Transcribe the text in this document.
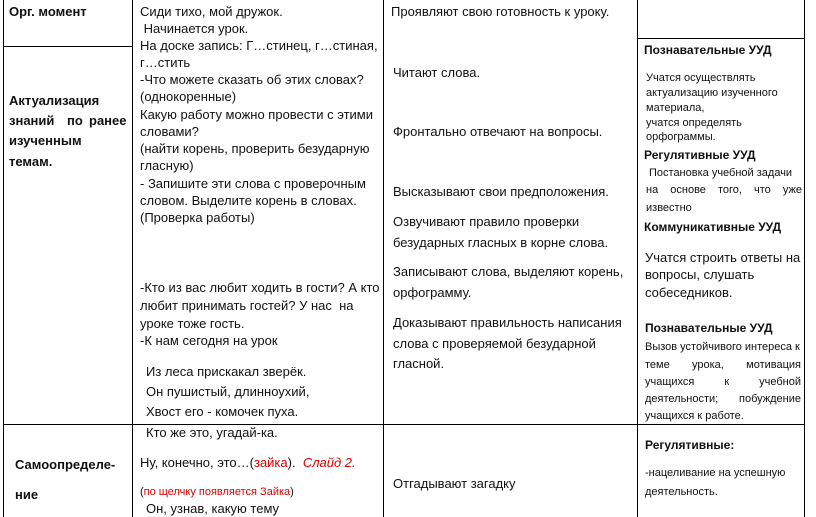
Орг. момент
Актуализация
знаний по ранее
изученным
темам.
Самоопределе-
ние
Сиди тихо, мой дружок.
Начинается урок.
На доске запись: Г…стинец, г…стиная,
г…стить
-Что можете сказать об этих словах?
(однокоренные)
Какую работу можно провести с этими
словами?
(найти корень, проверить безударную
гласную)
- Запишите эти слова с проверочным
словом. Выделите корень в словах.
(Проверка работы)
-Кто из вас любит ходить в гости? А кто
любит принимать гостей? У нас  на
уроке тоже гость.
-К нам сегодня на урок
Из леса прискакал зверёк.
Он пушистый, длинноухий,
Хвост его - комочек пуха.
Кто же это, угадай-ка.
Ну, конечно, это…(зайка). Слайд 2.
(по щелчку появляется Зайка)
Он, узнав, какую тему
Проявляют свою готовность к уроку.
Читают слова.
Фронтально отвечают на вопросы.
Высказывают свои предположения.
Озвучивают правило проверки
безударных гласных в корне слова.
Записывают слова, выделяют корень,
орфограмму.
Доказывают правильность написания
слова с проверяемой безударной
гласной.
Отгадывают загадку
Познавательные УУД
Учатся осуществлять
актуализацию изученного
материала,
учатся определять
орфограммы.
Регулятивные УУД
Постановка учебной задачи
на основе того, что уже
известно
Коммуникативные УУД
Учатся строить ответы на
вопросы, слушать
собеседников.
Познавательные УУД
Вызов устойчивого интереса к
теме урока, мотивация
учащихся	к	учебной
деятельности; побуждение
учащихся к работе.
Регулятивные:
-нацеливание на успешную
деятельность.
